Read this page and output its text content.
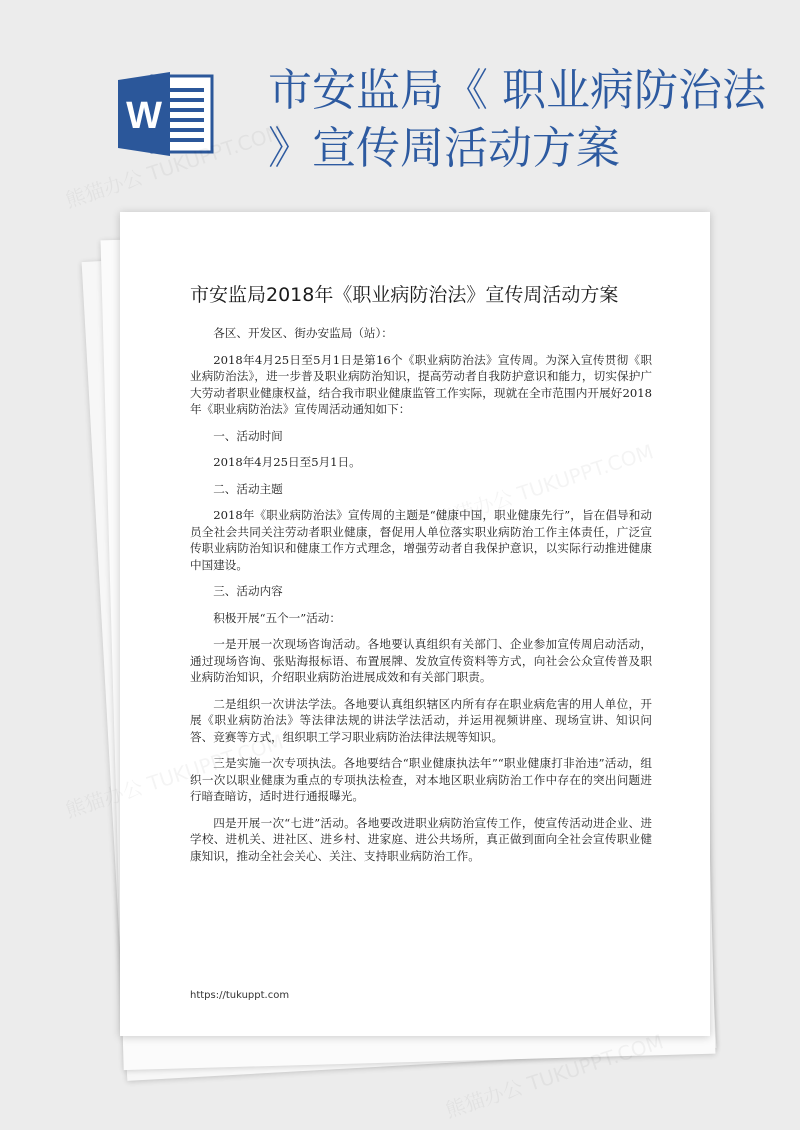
W 市安监局《 职业病防治法 》宣传周活动方案
市安监局2018年《职业病防治法》宣传周活动方案

各区、开发区、街办安监局（站）：

2018年4月25日至5月1日是第16个《职业病防治法》宣传周。为深入宣传贯彻《职业病防治法》，进一步普及职业病防治知识，提高劳动者自我防护意识和能力，切实保护广大劳动者职业健康权益，结合我市职业健康监管工作实际，现就在全市范围内开展好2018年《职业病防治法》宣传周活动通知如下：

一、活动时间

2018年4月25日至5月1日。

二、活动主题

2018年《职业病防治法》宣传周的主题是“健康中国，职业健康先行”，旨在倡导和动员全社会共同关注劳动者职业健康，督促用人单位落实职业病防治工作主体责任，广泛宣传职业病防治知识和健康工作方式理念，增强劳动者自我保护意识，以实际行动推进健康中国建设。

三、活动内容

积极开展“五个一”活动：

一是开展一次现场咨询活动。各地要认真组织有关部门、企业参加宣传周启动活动，通过现场咨询、张贴海报标语、布置展牌、发放宣传资料等方式，向社会公众宣传普及职业病防治知识，介绍职业病防治进展成效和有关部门职责。

二是组织一次讲法学法。各地要认真组织辖区内所有存在职业病危害的用人单位，开展《职业病防治法》等法律法规的讲法学法活动，并运用视频讲座、现场宣讲、知识问答、竞赛等方式，组织职工学习职业病防治法律法规等知识。

三是实施一次专项执法。各地要结合“职业健康执法年”“职业健康打非治违”活动，组织一次以职业健康为重点的专项执法检查，对本地区职业病防治工作中存在的突出问题进行暗查暗访，适时进行通报曝光。

四是开展一次“七进”活动。各地要改进职业病防治宣传工作，使宣传活动进企业、进学校、进机关、进社区、进乡村、进家庭、进公共场所，真正做到面向全社会宣传职业健康知识，推动全社会关心、关注、支持职业病防治工作。

https://tukuppt.com
